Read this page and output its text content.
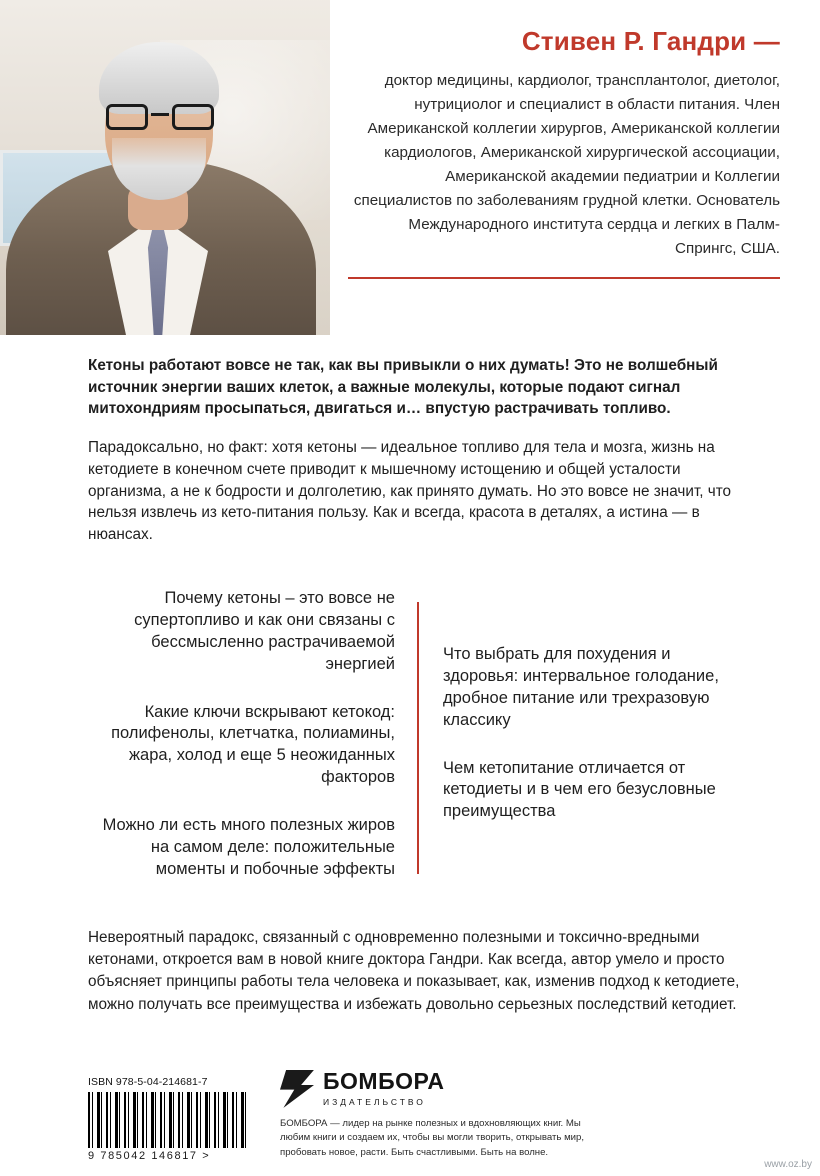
Стивен Р. Гандри —
доктор медицины, кардиолог, трансплантолог, диетолог, нутрициолог и специалист в области питания. Член Американской коллегии хирургов, Американской коллегии кардиологов, Американской хирургической ассоциации, Американской академии педиатрии и Коллегии специалистов по заболеваниям грудной клетки. Основатель Международного института сердца и легких в Палм-Спрингс, США.

Кетоны работают вовсе не так, как вы привыкли о них думать! Это не волшебный источник энергии ваших клеток, а важные молекулы, которые подают сигнал митохондриям просыпаться, двигаться и… впустую растрачивать топливо.

Парадоксально, но факт: хотя кетоны — идеальное топливо для тела и мозга, жизнь на кетодиете в конечном счете приводит к мышечному истощению и общей усталости организма, а не к бодрости и долголетию, как принято думать. Но это вовсе не значит, что нельзя извлечь из кето-питания пользу. Как и всегда, красота в деталях, а истина — в нюансах.

Почему кетоны – это вовсе не супертопливо и как они связаны с бессмысленно растрачиваемой энергией
Какие ключи вскрывают кетокод: полифенолы, клетчатка, полиамины, жара, холод и еще 5 неожиданных факторов
Можно ли есть много полезных жиров на самом деле: положительные моменты и побочные эффекты
Что выбрать для похудения и здоровья: интервальное голодание, дробное питание или трехразовую классику
Чем кетопитание отличается от кетодиеты и в чем его безусловные преимущества
Невероятный парадокс, связанный с одновременно полезными и токсично-вредными кетонами, откроется вам в новой книге доктора Гандри. Как всегда, автор умело и просто объясняет принципы работы тела человека и показывает, как, изменив подход к кетодиете, можно получать все преимущества и избежать довольно серьезных последствий кетодиет.
ISBN 978-5-04-214681-7
9 785042 146817 >
БОМБОРА
ИЗДАТЕЛЬСТВО
БОМБОРА — лидер на рынке полезных и вдохновляющих книг. Мы любим книги и создаем их, чтобы вы могли творить, открывать мир, пробовать новое, расти. Быть счастливыми. Быть на волне.
www.oz.by
